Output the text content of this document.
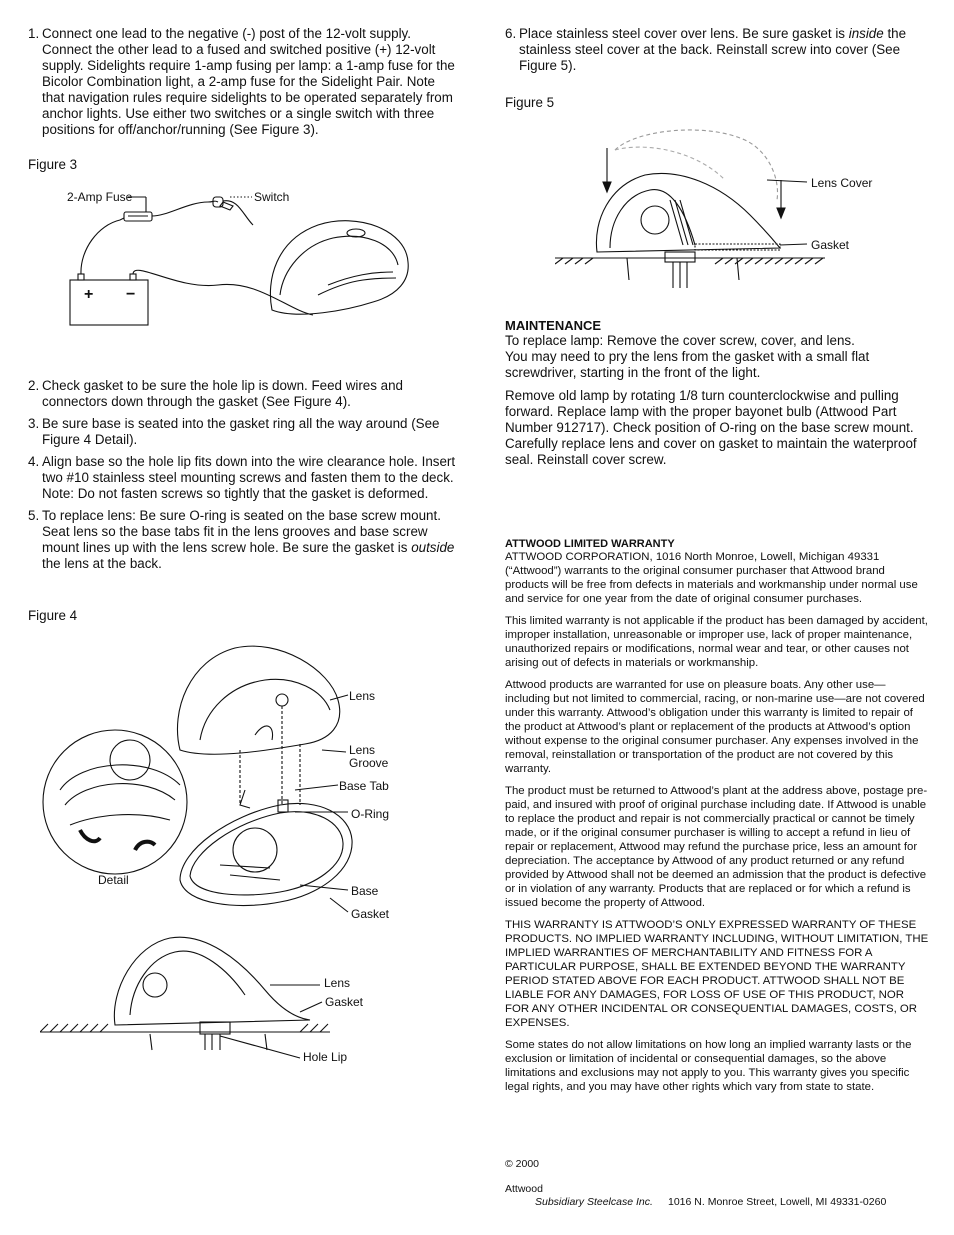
1. Connect one lead to the negative (-) post of the 12-volt supply. Connect the other lead to a fused and switched positive (+) 12-volt supply. Sidelights require 1-amp fusing per lamp: a 1-amp fuse for the Bicolor Combination light, a 2-amp fuse for the Sidelight Pair. Note that navigation rules require sidelights to be operated separately from anchor lights. Use either two switches or a single switch with three positions for off/anchor/running (See Figure 3).
Figure 3
+ −
2-Amp Fuse	Switch
2. Check gasket to be sure the hole lip is down. Feed wires and connectors down through the gasket (See Figure 4).
3. Be sure base is seated into the gasket ring all the way around (See Figure 4 Detail).
4. Align base so the hole lip fits down into the wire clearance hole. Insert two #10 stainless steel mounting screws and fasten them to the deck. Note: Do not fasten screws so tightly that the gasket is deformed.
5. To replace lens: Be sure O-ring is seated on the base screw mount. Seat lens so the base tabs fit in the lens grooves and base screw mount lines up with the lens screw hole. Be sure the gasket is outside the lens at the back.
Figure 4
Lens
Lens
Groove
Base Tab
O-Ring
Detail
Base
Gasket
Lens
Gasket
Hole Lip
6. Place stainless steel cover over lens. Be sure gasket is inside the stainless steel cover at the back. Reinstall screw into cover (See Figure 5).
Figure 5
Lens Cover
Gasket
MAINTENANCE

To replace lamp: Remove the cover screw, cover, and lens.
You may need to pry the lens from the gasket with a small flat screwdriver, starting in the front of the light.

Remove old lamp by rotating 1/8 turn counterclockwise and pulling forward. Replace lamp with the proper bayonet bulb (Attwood Part Number 912717). Check position of O-ring on the base screw mount. Carefully replace lens and cover on gasket to maintain the waterproof seal. Reinstall cover screw.

ATTWOOD LIMITED WARRANTY

ATTWOOD CORPORATION, 1016 North Monroe, Lowell, Michigan 49331 (“Attwood”) warrants to the original consumer purchaser that Attwood brand products will be free from defects in materials and workmanship under normal use and service for one year from the date of original consumer purchases.

This limited warranty is not applicable if the product has been damaged by accident, improper installation, unreasonable or improper use, lack of proper maintenance, unauthorized repairs or modifications, normal wear and tear, or other causes not arising out of defects in materials or workmanship.

Attwood products are warranted for use on pleasure boats. Any other use—including but not limited to commercial, racing, or non-marine use—are not covered under this warranty. Attwood’s obligation under this warranty is limited to repair of the product at Attwood’s plant or replacement of the products at Attwood’s option without expense to the original consumer purchaser. Any expenses involved in the removal, reinstallation or transportation of the product are not covered by this warranty.

The product must be returned to Attwood’s plant at the address above, postage pre-paid, and insured with proof of original purchase including date. If Attwood is unable to replace the product and repair is not commercially practical or cannot be timely made, or if the original consumer purchaser is willing to accept a refund in lieu of repair or replacement, Attwood may refund the purchase price, less an amount for depreciation. The acceptance by Attwood of any product returned or any refund provided by Attwood shall not be deemed an admission that the product is defective or in violation of any warranty. Products that are replaced or for which a refund is issued become the property of Attwood.

THIS WARRANTY IS ATTWOOD’S ONLY EXPRESSED WARRANTY OF THESE PRODUCTS. NO IMPLIED WARRANTY INCLUDING, WITHOUT LIMITATION, THE IMPLIED WARRANTIES OF MERCHANTABILITY AND FITNESS FOR A PARTICULAR PURPOSE, SHALL BE EXTENDED BEYOND THE WARRANTY PERIOD STATED ABOVE FOR EACH PRODUCT. ATTWOOD SHALL NOT BE LIABLE FOR ANY DAMAGES, FOR LOSS OF USE OF THIS PRODUCT, NOR FOR ANY OTHER INCIDENTAL OR CONSEQUENTIAL DAMAGES, COSTS, OR EXPENSES.

Some states do not allow limitations on how long an implied warranty lasts or the exclusion or limitation of incidental or consequential damages, so the above limitations and exclusions may not apply to you. This warranty gives you specific legal rights, and you may have other rights which vary from state to state.

© 2000
Attwood
Subsidiary Steelcase Inc. 1016 N. Monroe Street, Lowell, MI 49331-0260
